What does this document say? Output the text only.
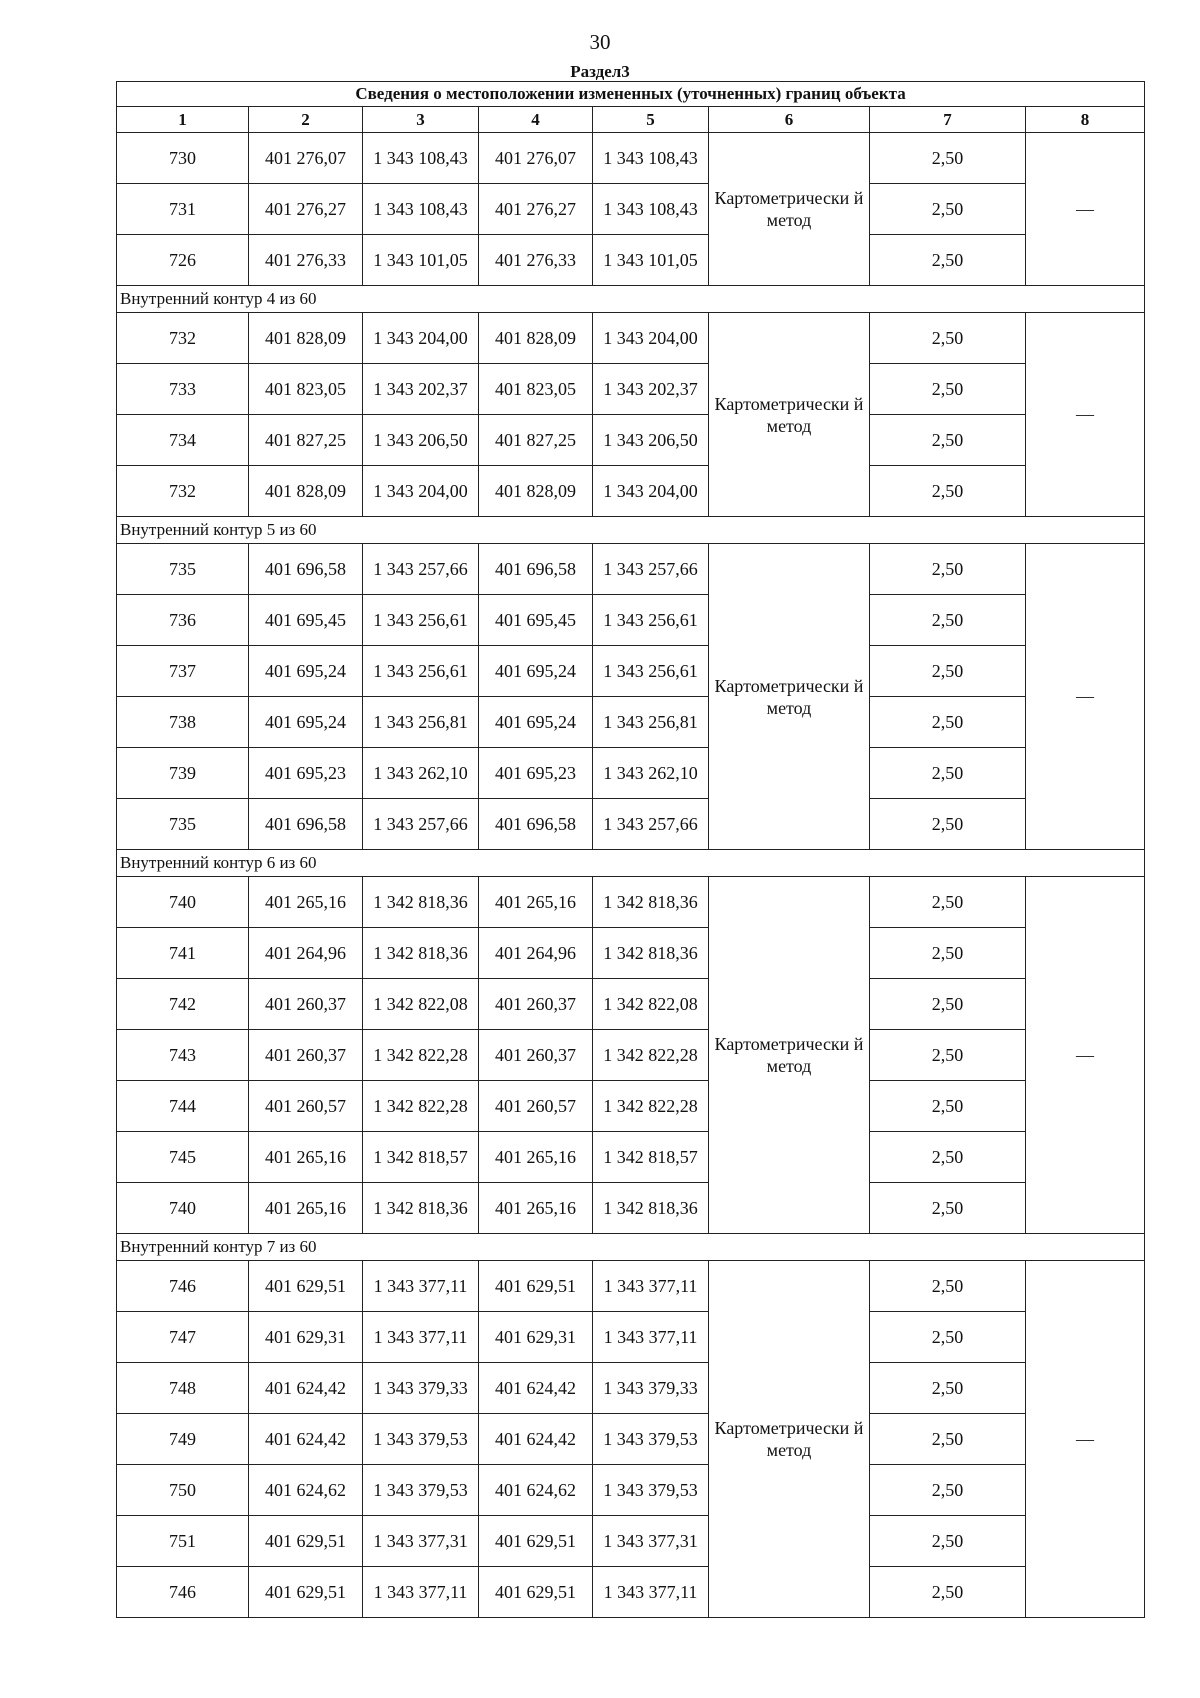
30
Раздел3
Сведения о местоположении измененных (уточненных) границ объекта							
1	2	3	4	5	6	7	8
730	401 276,07	1 343 108,43	401 276,07	1 343 108,43	Картометрически й метод	2,50	—
731	401 276,27	1 343 108,43	401 276,27	1 343 108,43		2,50	
726	401 276,33	1 343 101,05	401 276,33	1 343 101,05		2,50	
Внутренний контур 4 из 60							
732	401 828,09	1 343 204,00	401 828,09	1 343 204,00	Картометрически й метод	2,50	—
733	401 823,05	1 343 202,37	401 823,05	1 343 202,37		2,50	
734	401 827,25	1 343 206,50	401 827,25	1 343 206,50		2,50	
732	401 828,09	1 343 204,00	401 828,09	1 343 204,00		2,50	
Внутренний контур 5 из 60							
735	401 696,58	1 343 257,66	401 696,58	1 343 257,66	Картометрически й метод	2,50	—
736	401 695,45	1 343 256,61	401 695,45	1 343 256,61		2,50	
737	401 695,24	1 343 256,61	401 695,24	1 343 256,61		2,50	
738	401 695,24	1 343 256,81	401 695,24	1 343 256,81		2,50	
739	401 695,23	1 343 262,10	401 695,23	1 343 262,10		2,50	
735	401 696,58	1 343 257,66	401 696,58	1 343 257,66		2,50	
Внутренний контур 6 из 60							
740	401 265,16	1 342 818,36	401 265,16	1 342 818,36	Картометрически й метод	2,50	—
741	401 264,96	1 342 818,36	401 264,96	1 342 818,36		2,50	
742	401 260,37	1 342 822,08	401 260,37	1 342 822,08		2,50	
743	401 260,37	1 342 822,28	401 260,37	1 342 822,28		2,50	
744	401 260,57	1 342 822,28	401 260,57	1 342 822,28		2,50	
745	401 265,16	1 342 818,57	401 265,16	1 342 818,57		2,50	
740	401 265,16	1 342 818,36	401 265,16	1 342 818,36		2,50	
Внутренний контур 7 из 60							
746	401 629,51	1 343 377,11	401 629,51	1 343 377,11	Картометрически й метод	2,50	—
747	401 629,31	1 343 377,11	401 629,31	1 343 377,11		2,50	
748	401 624,42	1 343 379,33	401 624,42	1 343 379,33		2,50	
749	401 624,42	1 343 379,53	401 624,42	1 343 379,53		2,50	
750	401 624,62	1 343 379,53	401 624,62	1 343 379,53		2,50	
751	401 629,51	1 343 377,31	401 629,51	1 343 377,31		2,50	
746	401 629,51	1 343 377,11	401 629,51	1 343 377,11		2,50	
